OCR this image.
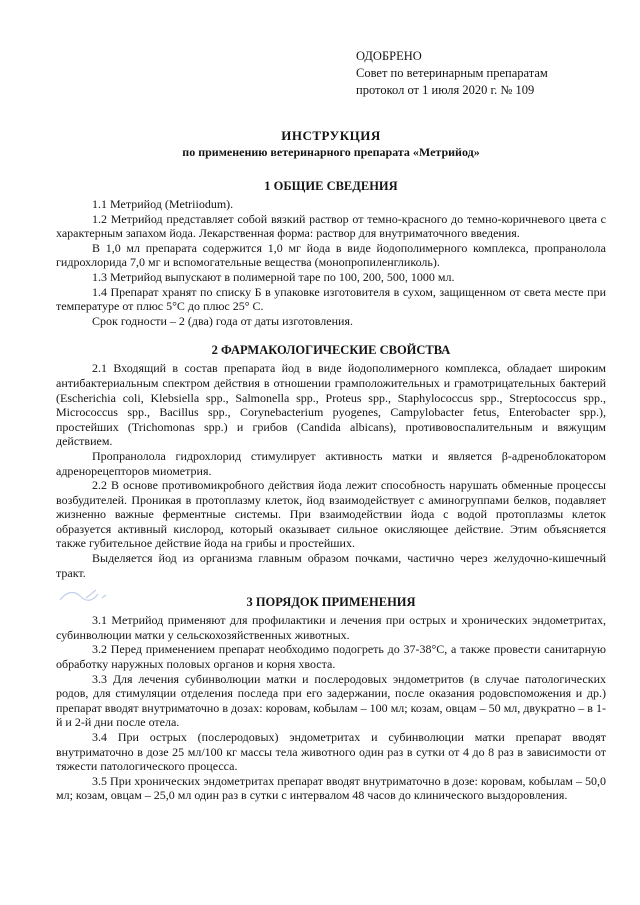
ОДОБРЕНО
Совет по ветеринарным препаратам
протокол от 1 июля 2020 г. № 109
ИНСТРУКЦИЯ
по применению ветеринарного препарата «Метрийод»
1 ОБЩИЕ СВЕДЕНИЯ

1.1 Метрийод (Metriiodum).

1.2 Метрийод представляет собой вязкий раствор от темно-красного до темно-коричневого цвета с характерным запахом йода. Лекарственная форма: раствор для внутриматочного введения.

В 1,0 мл препарата содержится 1,0 мг йода в виде йодополимерного комплекса, пропранолола гидрохлорида 7,0 мг и вспомогательные вещества (монопропиленгликоль).

1.3 Метрийод выпускают в полимерной таре по 100, 200, 500, 1000 мл.

1.4 Препарат хранят по списку Б в упаковке изготовителя в сухом, защищенном от света месте при температуре от плюс 5°С до плюс 25° С.

Срок годности – 2 (два) года от даты изготовления.

2 ФАРМАКОЛОГИЧЕСКИЕ СВОЙСТВА

2.1 Входящий в состав препарата йод в виде йодополимерного комплекса, обладает широким антибактериальным спектром действия в отношении грамположительных и грамотрицательных бактерий (Escherichia coli, Klebsiella spp., Salmonella spp., Proteus spp., Staphylococcus spp., Streptococcus spp., Micrococcus spp., Bacillus spp., Corynebacterium pyogenes, Campylobacter fetus, Enterobacter spp.), простейших (Trichomonas spp.) и грибов (Candida albicans), противовоспалительным и вяжущим действием.

Пропранолола гидрохлорид стимулирует активность матки и является β-адреноблокатором адренорецепторов миометрия.

2.2 В основе противомикробного действия йода лежит способность нарушать обменные процессы возбудителей. Проникая в протоплазму клеток, йод взаимодействует с аминогруппами белков, подавляет жизненно важные ферментные системы. При взаимодействии йода с водой протоплазмы клеток образуется активный кислород, который оказывает сильное окисляющее действие. Этим объясняется также губительное действие йода на грибы и простейших.

Выделяется йод из организма главным образом почками, частично через желудочно-кишечный тракт.

3 ПОРЯДОК ПРИМЕНЕНИЯ

3.1 Метрийод применяют для профилактики и лечения при острых и хронических эндометритах, субинволюции матки у сельскохозяйственных животных.

3.2 Перед применением препарат необходимо подогреть до 37-38°С, а также провести санитарную обработку наружных половых органов и корня хвоста.

3.3 Для лечения субинволюции матки и послеродовых эндометритов (в случае патологических родов, для стимуляции отделения последа при его задержании, после оказания родовспоможения и др.) препарат вводят внутриматочно в дозах: коровам, кобылам – 100 мл; козам, овцам – 50 мл, двукратно – в 1-й и 2-й дни после отела.

3.4 При острых (послеродовых) эндометритах и субинволюции матки препарат вводят внутриматочно в дозе 25 мл/100 кг массы тела животного один раз в сутки от 4 до 8 раз в зависимости от тяжести патологического процесса.

3.5 При хронических эндометритах препарат вводят внутриматочно в дозе: коровам, кобылам – 50,0 мл; козам, овцам – 25,0 мл один раз в сутки с интервалом 48 часов до клинического выздоровления.
